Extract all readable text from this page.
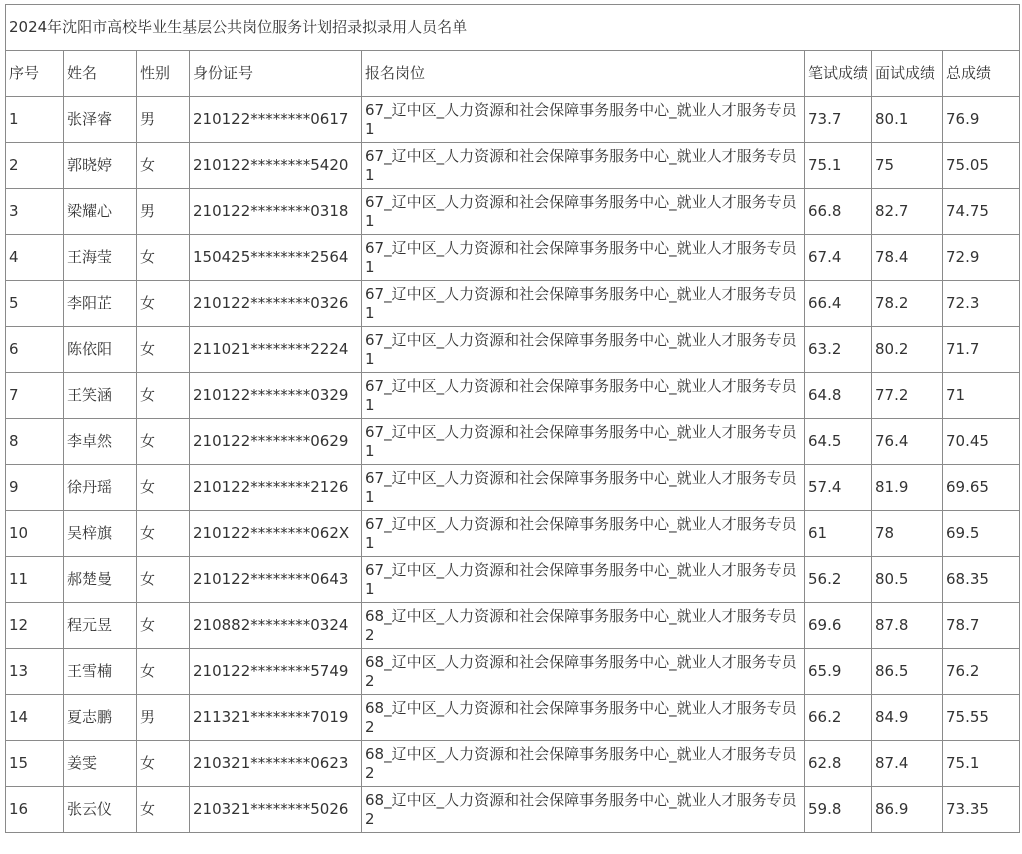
2024年沈阳市高校毕业生基层公共岗位服务计划招录拟录用人员名单							
序号	姓名	性别	身份证号	报名岗位	笔试成绩	面试成绩	总成绩
1	张泽睿	男	210122********0617	67_辽中区_人力资源和社会保障事务服务中心_就业人才服务专员1	73.7	80.1	76.9
2	郭晓婷	女	210122********5420	67_辽中区_人力资源和社会保障事务服务中心_就业人才服务专员1	75.1	75	75.05
3	梁耀心	男	210122********0318	67_辽中区_人力资源和社会保障事务服务中心_就业人才服务专员1	66.8	82.7	74.75
4	王海莹	女	150425********2564	67_辽中区_人力资源和社会保障事务服务中心_就业人才服务专员1	67.4	78.4	72.9
5	李阳芷	女	210122********0326	67_辽中区_人力资源和社会保障事务服务中心_就业人才服务专员1	66.4	78.2	72.3
6	陈依阳	女	211021********2224	67_辽中区_人力资源和社会保障事务服务中心_就业人才服务专员1	63.2	80.2	71.7
7	王笑涵	女	210122********0329	67_辽中区_人力资源和社会保障事务服务中心_就业人才服务专员1	64.8	77.2	71
8	李卓然	女	210122********0629	67_辽中区_人力资源和社会保障事务服务中心_就业人才服务专员1	64.5	76.4	70.45
9	徐丹瑶	女	210122********2126	67_辽中区_人力资源和社会保障事务服务中心_就业人才服务专员1	57.4	81.9	69.65
10	吴梓旗	女	210122********062X	67_辽中区_人力资源和社会保障事务服务中心_就业人才服务专员1	61	78	69.5
11	郝楚曼	女	210122********0643	67_辽中区_人力资源和社会保障事务服务中心_就业人才服务专员1	56.2	80.5	68.35
12	程元昱	女	210882********0324	68_辽中区_人力资源和社会保障事务服务中心_就业人才服务专员2	69.6	87.8	78.7
13	王雪楠	女	210122********5749	68_辽中区_人力资源和社会保障事务服务中心_就业人才服务专员2	65.9	86.5	76.2
14	夏志鹏	男	211321********7019	68_辽中区_人力资源和社会保障事务服务中心_就业人才服务专员2	66.2	84.9	75.55
15	姜雯	女	210321********0623	68_辽中区_人力资源和社会保障事务服务中心_就业人才服务专员2	62.8	87.4	75.1
16	张云仪	女	210321********5026	68_辽中区_人力资源和社会保障事务服务中心_就业人才服务专员2	59.8	86.9	73.35
